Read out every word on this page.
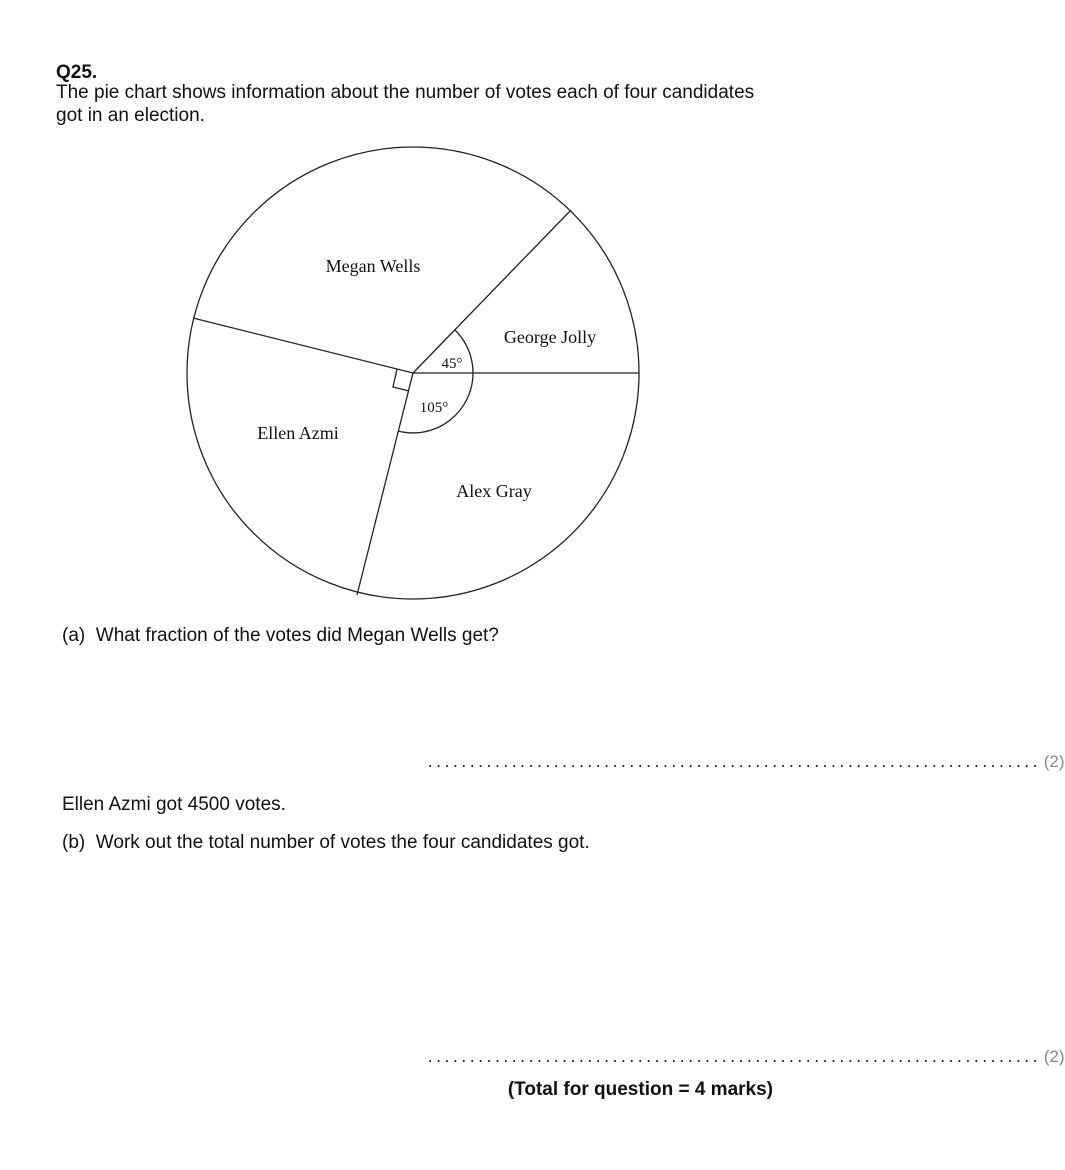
Q25.
The pie chart shows information about the number of votes each of four candidates
got in an election.
Megan Wells
George Jolly
Alex Gray
Ellen Azmi
45°
105°
(a) What fraction of the votes did Megan Wells get?
......................................................................... (2)
Ellen Azmi got 4500 votes.
(b) Work out the total number of votes the four candidates got.
......................................................................... (2)
(Total for question = 4 marks)
